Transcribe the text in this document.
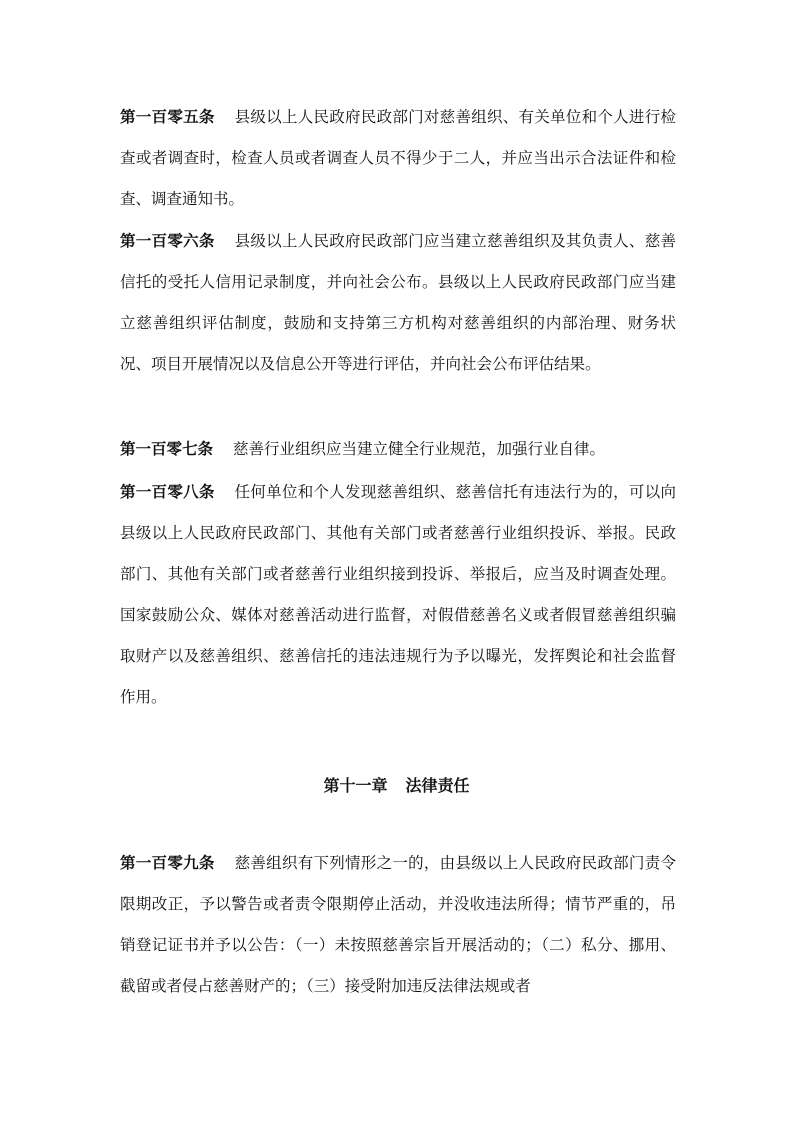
第一百零五条 县级以上人民政府民政部门对慈善组织、有关单位和个人进行检查或者调查时，检查人员或者调查人员不得少于二人，并应当出示合法证件和检查、调查通知书。

第一百零六条 县级以上人民政府民政部门应当建立慈善组织及其负责人、慈善信托的受托人信用记录制度，并向社会公布。县级以上人民政府民政部门应当建立慈善组织评估制度，鼓励和支持第三方机构对慈善组织的内部治理、财务状况、项目开展情况以及信息公开等进行评估，并向社会公布评估结果。

第一百零七条 慈善行业组织应当建立健全行业规范，加强行业自律。

第一百零八条 任何单位和个人发现慈善组织、慈善信托有违法行为的，可以向县级以上人民政府民政部门、其他有关部门或者慈善行业组织投诉、举报。民政部门、其他有关部门或者慈善行业组织接到投诉、举报后，应当及时调查处理。国家鼓励公众、媒体对慈善活动进行监督，对假借慈善名义或者假冒慈善组织骗取财产以及慈善组织、慈善信托的违法违规行为予以曝光，发挥舆论和社会监督作用。

第十一章 法律责任

第一百零九条 慈善组织有下列情形之一的，由县级以上人民政府民政部门责令限期改正，予以警告或者责令限期停止活动，并没收违法所得；情节严重的，吊销登记证书并予以公告：（一）未按照慈善宗旨开展活动的；（二）私分、挪用、截留或者侵占慈善财产的；（三）接受附加违反法律法规或者
